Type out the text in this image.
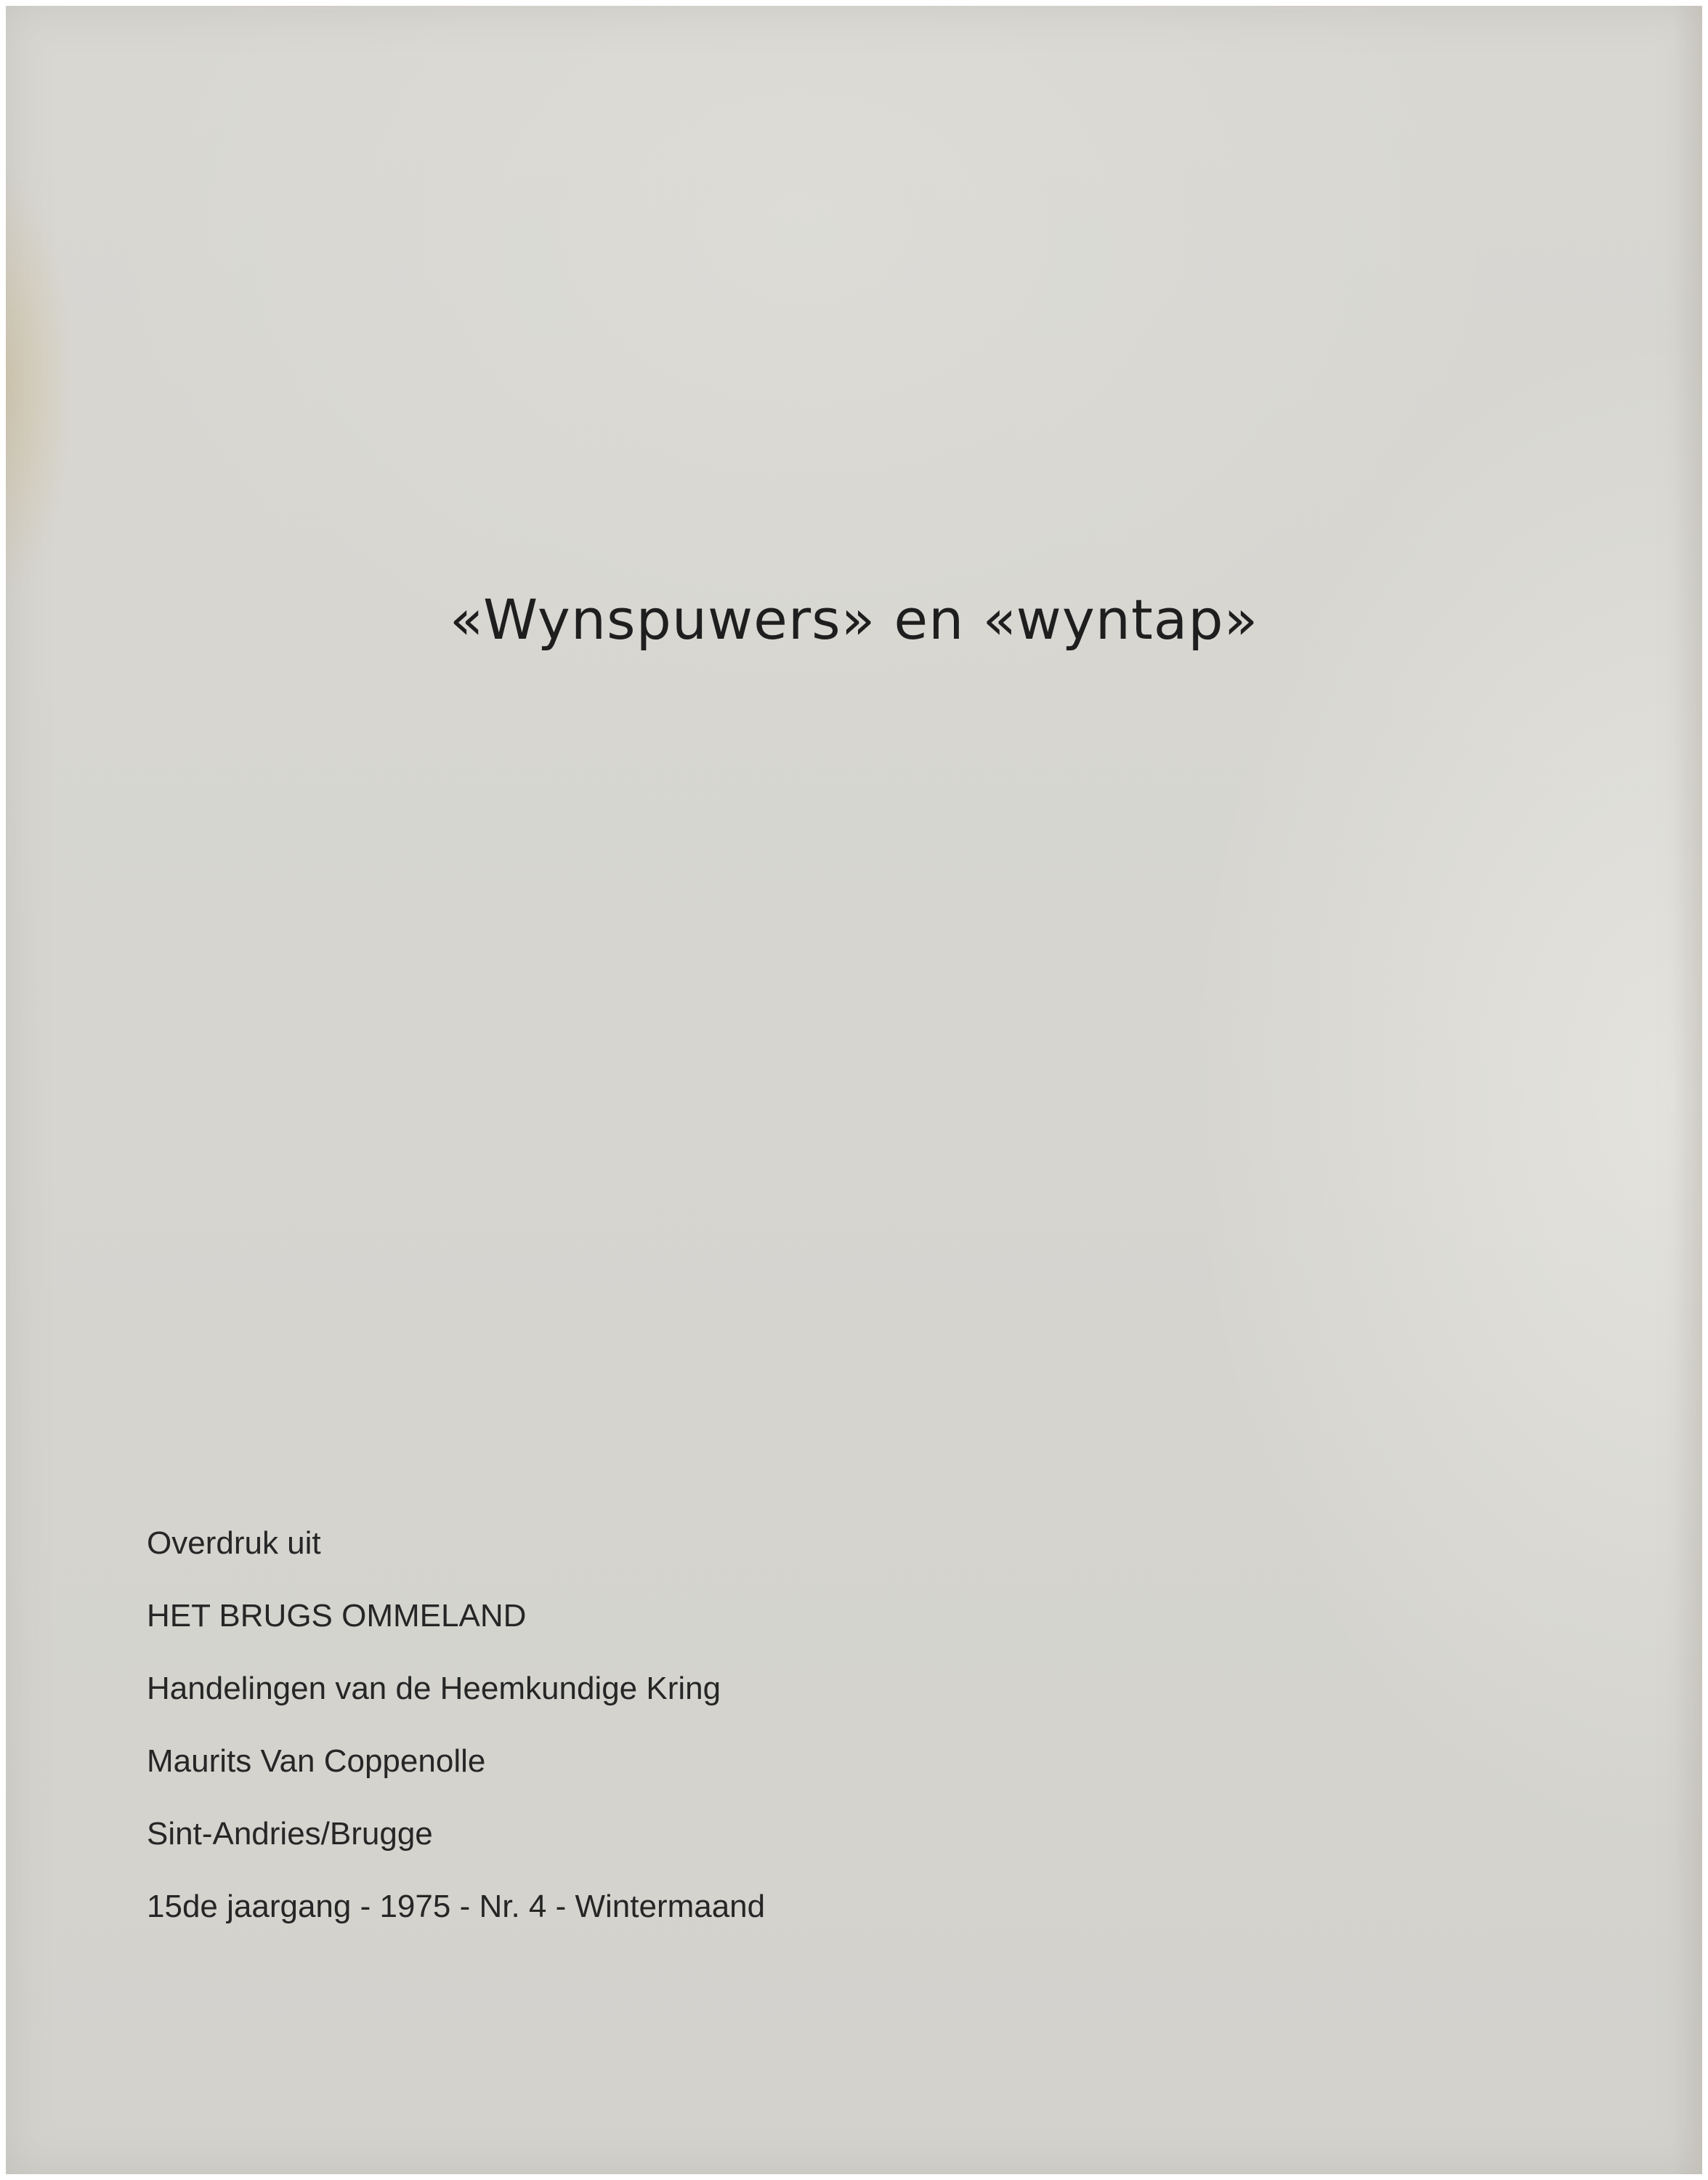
«Wynspuwers» en «wyntap»
Overdruk uit
HET BRUGS OMMELAND
Handelingen van de Heemkundige Kring
Maurits Van Coppenolle
Sint-Andries/Brugge
15de jaargang - 1975 - Nr. 4 - Wintermaand
